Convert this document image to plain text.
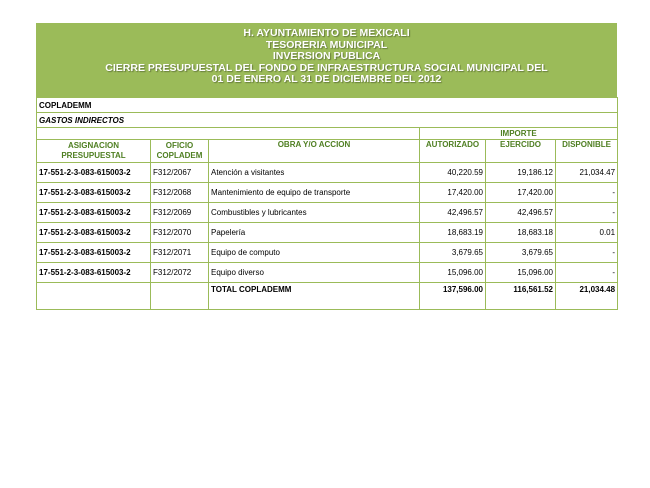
H. AYUNTAMIENTO DE MEXICALI
TESORERIA MUNICIPAL
INVERSION PUBLICA
CIERRE PRESUPUESTAL DEL FONDO DE INFRAESTRUCTURA SOCIAL MUNICIPAL DEL
01 DE ENERO AL 31 DE DICIEMBRE DEL 2012
COPLADEMM					
GASTOS INDIRECTOS					
			IMPORTE		
ASIGNACION PRESUPUESTAL	OFICIO COPLADEM	OBRA Y/O ACCION	AUTORIZADO	EJERCIDO	DISPONIBLE
17-551-2-3-083-615003-2	F312/2067	Atención a visitantes	40,220.59	19,186.12	21,034.47
17-551-2-3-083-615003-2	F312/2068	Mantenimiento de equipo de transporte	17,420.00	17,420.00	-
17-551-2-3-083-615003-2	F312/2069	Combustibles y lubricantes	42,496.57	42,496.57	-
17-551-2-3-083-615003-2	F312/2070	Papelería	18,683.19	18,683.18	0.01
17-551-2-3-083-615003-2	F312/2071	Equipo de computo	3,679.65	3,679.65	-
17-551-2-3-083-615003-2	F312/2072	Equipo diverso	15,096.00	15,096.00	-
		TOTAL COPLADEMM	137,596.00	116,561.52	21,034.48
